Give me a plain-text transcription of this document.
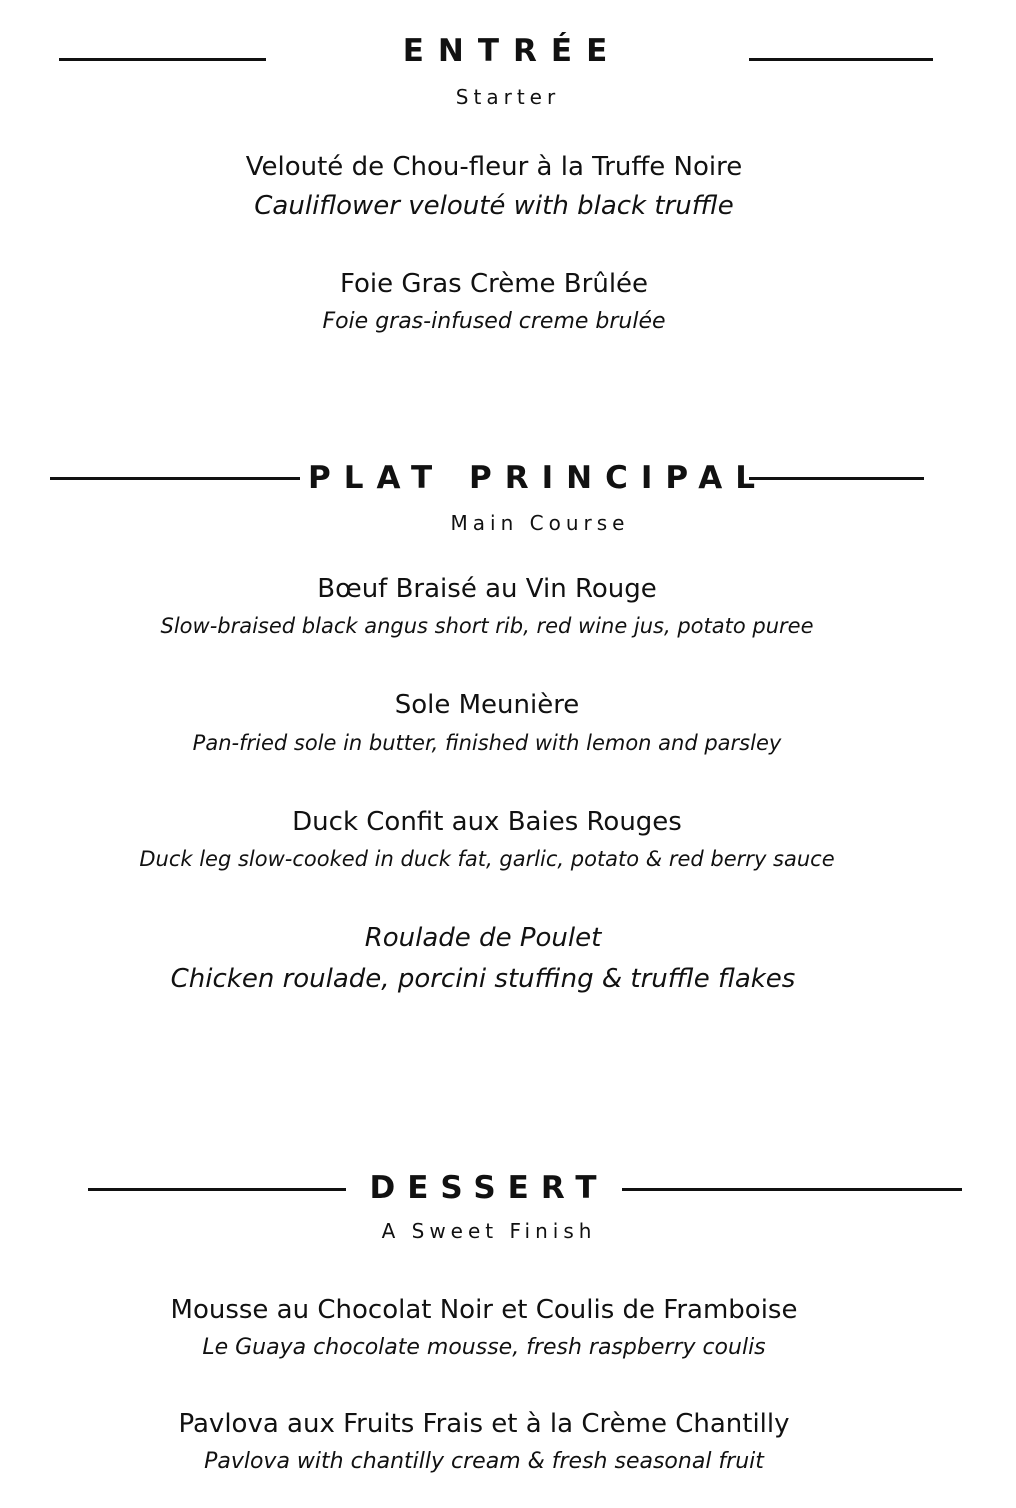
ENTRÉE
Starter
Velouté de Chou-fleur à la Truffe Noire
Cauliflower velouté with black truffle
Foie Gras Crème Brûlée
Foie gras-infused creme brulée
PLAT PRINCIPAL
Main Course
Bœuf Braisé au Vin Rouge
Slow-braised black angus short rib, red wine jus, potato puree
Sole Meunière
Pan-fried sole in butter, finished with lemon and parsley
Duck Confit aux Baies Rouges
Duck leg slow-cooked in duck fat, garlic, potato & red berry sauce
Roulade de Poulet
Chicken roulade, porcini stuffing & truffle flakes
DESSERT
A Sweet Finish
Mousse au Chocolat Noir et Coulis de Framboise
Le Guaya chocolate mousse, fresh raspberry coulis
Pavlova aux Fruits Frais et à la Crème Chantilly
Pavlova with chantilly cream & fresh seasonal fruit
